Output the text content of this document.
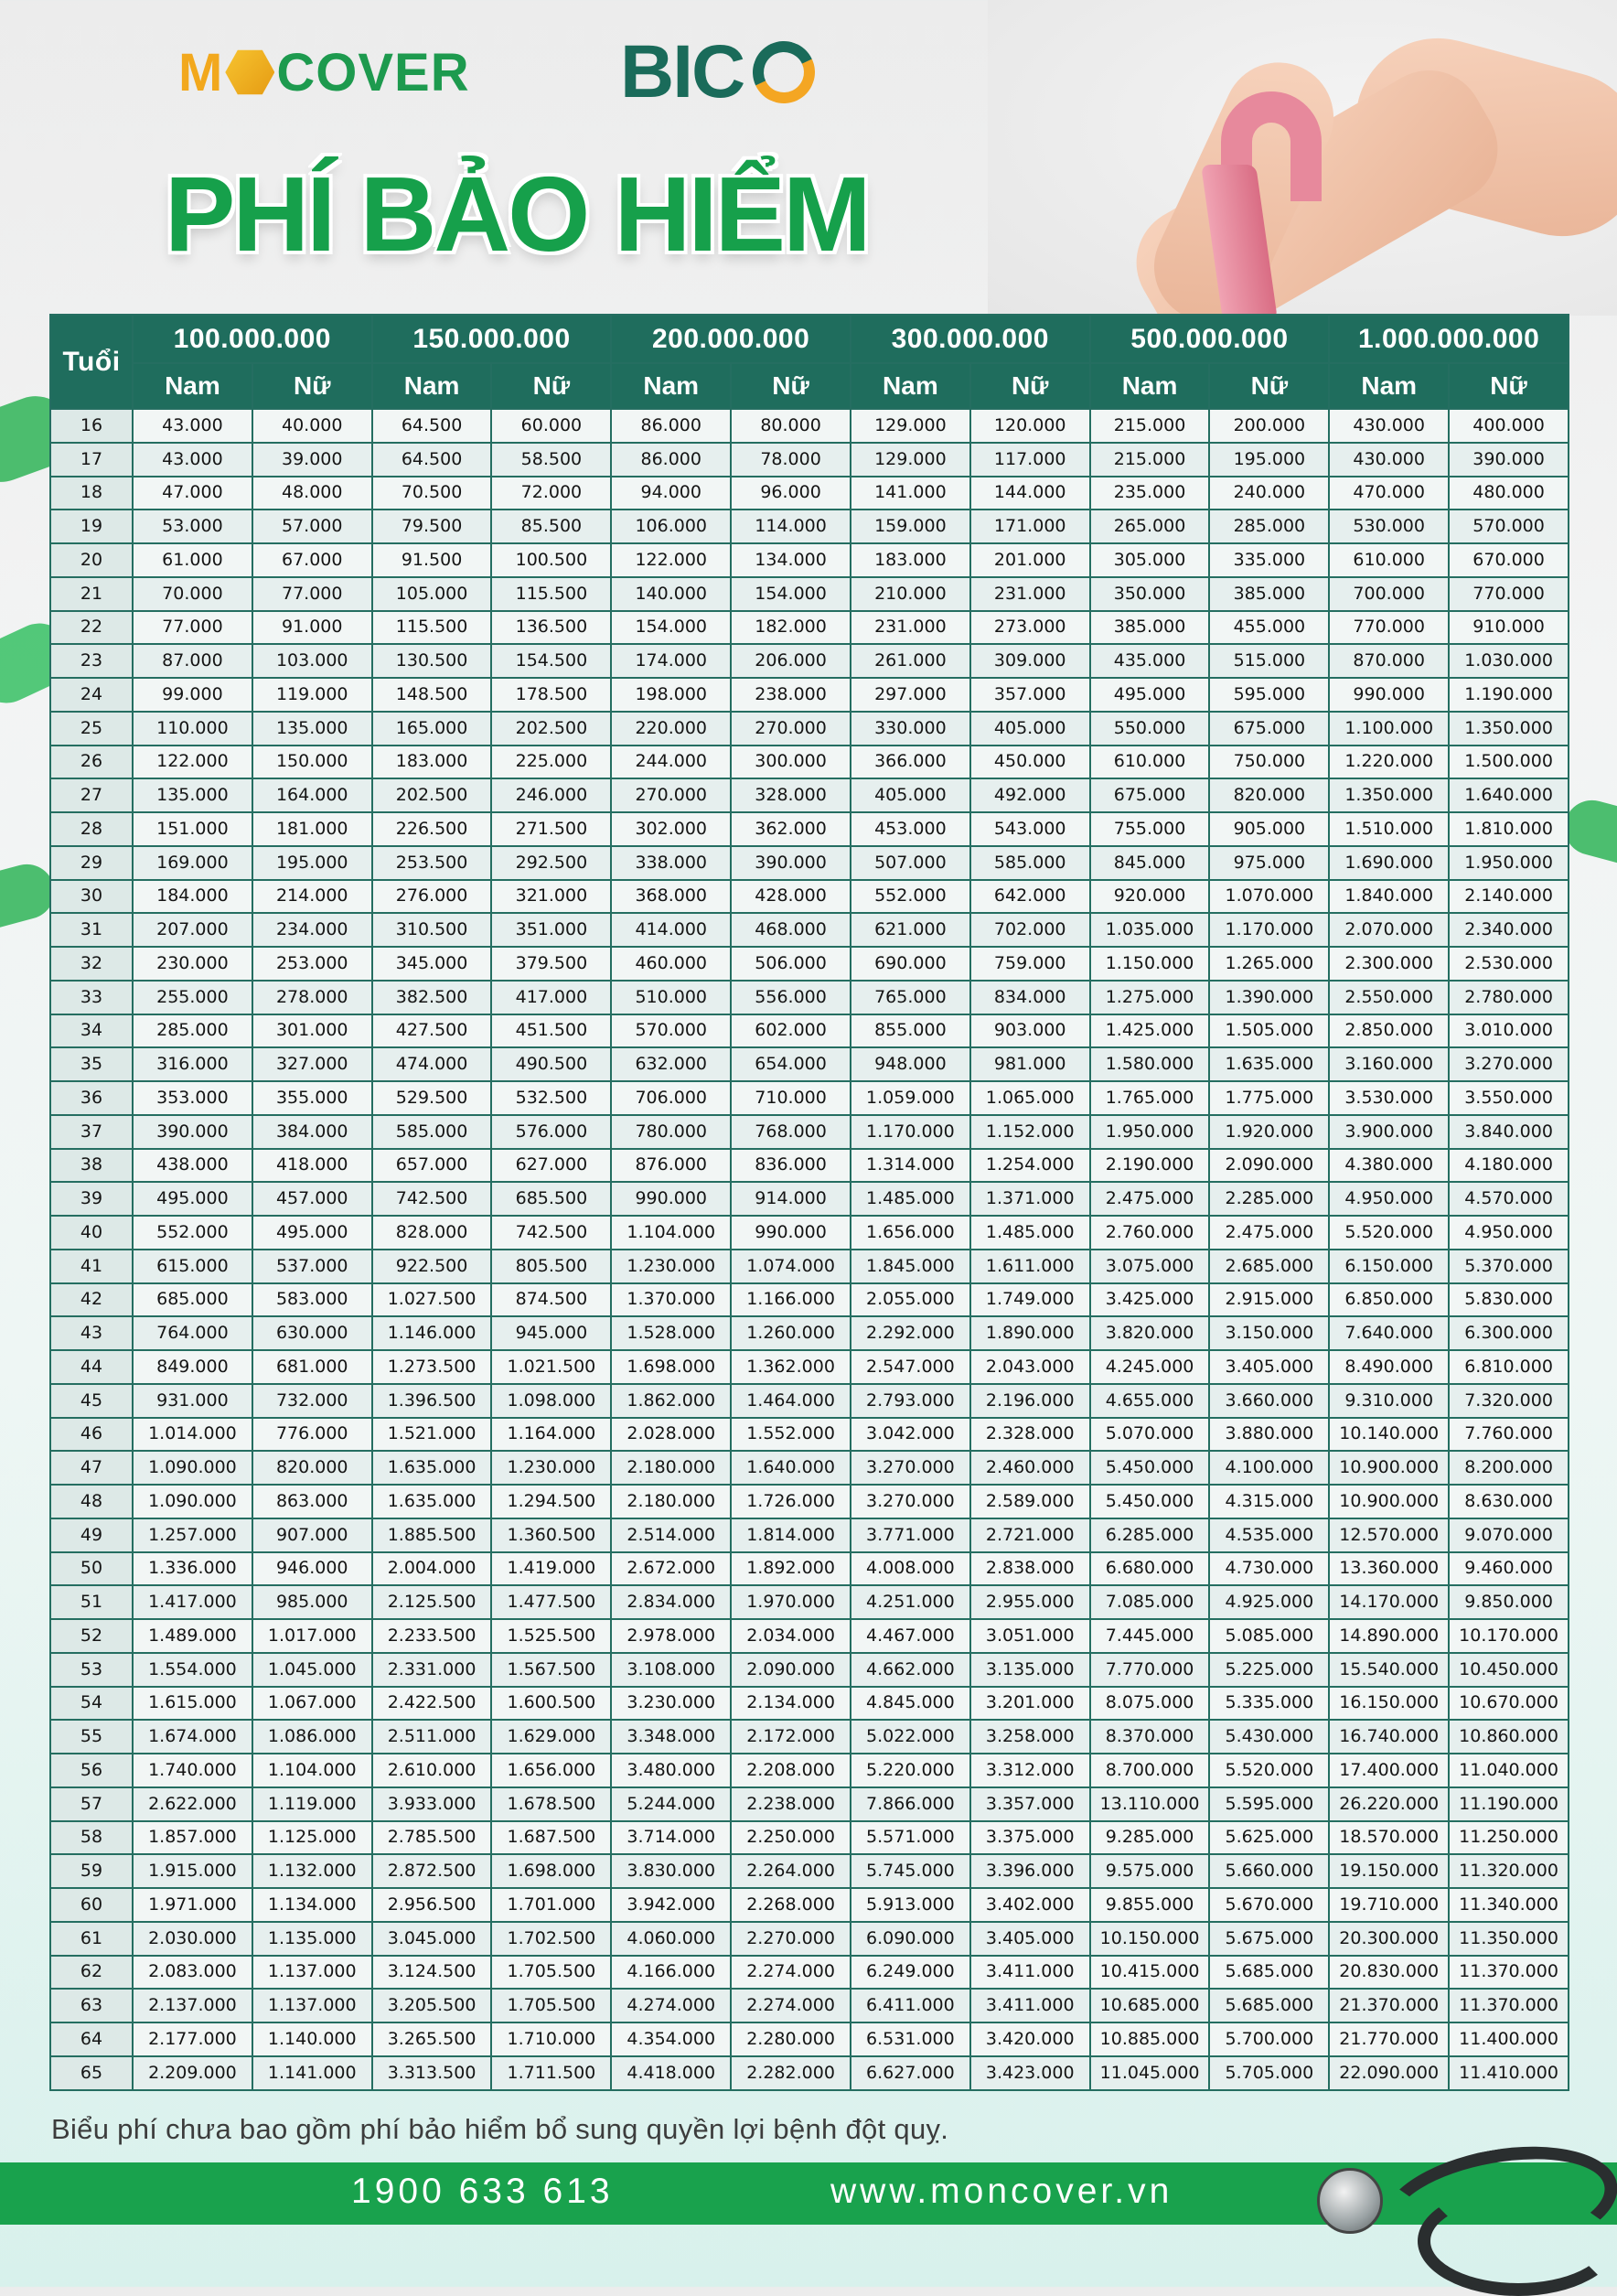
M COVER BIC
PHÍ BẢO HIỂM
Tuổi	100.000.000		150.000.000		200.000.000		300.000.000		500.000.000		1.000.000.000	
	Nam	Nữ	Nam	Nữ	Nam	Nữ	Nam	Nữ	Nam	Nữ	Nam	Nữ
16	43.000	40.000	64.500	60.000	86.000	80.000	129.000	120.000	215.000	200.000	430.000	400.000
17	43.000	39.000	64.500	58.500	86.000	78.000	129.000	117.000	215.000	195.000	430.000	390.000
18	47.000	48.000	70.500	72.000	94.000	96.000	141.000	144.000	235.000	240.000	470.000	480.000
19	53.000	57.000	79.500	85.500	106.000	114.000	159.000	171.000	265.000	285.000	530.000	570.000
20	61.000	67.000	91.500	100.500	122.000	134.000	183.000	201.000	305.000	335.000	610.000	670.000
21	70.000	77.000	105.000	115.500	140.000	154.000	210.000	231.000	350.000	385.000	700.000	770.000
22	77.000	91.000	115.500	136.500	154.000	182.000	231.000	273.000	385.000	455.000	770.000	910.000
23	87.000	103.000	130.500	154.500	174.000	206.000	261.000	309.000	435.000	515.000	870.000	1.030.000
24	99.000	119.000	148.500	178.500	198.000	238.000	297.000	357.000	495.000	595.000	990.000	1.190.000
25	110.000	135.000	165.000	202.500	220.000	270.000	330.000	405.000	550.000	675.000	1.100.000	1.350.000
26	122.000	150.000	183.000	225.000	244.000	300.000	366.000	450.000	610.000	750.000	1.220.000	1.500.000
27	135.000	164.000	202.500	246.000	270.000	328.000	405.000	492.000	675.000	820.000	1.350.000	1.640.000
28	151.000	181.000	226.500	271.500	302.000	362.000	453.000	543.000	755.000	905.000	1.510.000	1.810.000
29	169.000	195.000	253.500	292.500	338.000	390.000	507.000	585.000	845.000	975.000	1.690.000	1.950.000
30	184.000	214.000	276.000	321.000	368.000	428.000	552.000	642.000	920.000	1.070.000	1.840.000	2.140.000
31	207.000	234.000	310.500	351.000	414.000	468.000	621.000	702.000	1.035.000	1.170.000	2.070.000	2.340.000
32	230.000	253.000	345.000	379.500	460.000	506.000	690.000	759.000	1.150.000	1.265.000	2.300.000	2.530.000
33	255.000	278.000	382.500	417.000	510.000	556.000	765.000	834.000	1.275.000	1.390.000	2.550.000	2.780.000
34	285.000	301.000	427.500	451.500	570.000	602.000	855.000	903.000	1.425.000	1.505.000	2.850.000	3.010.000
35	316.000	327.000	474.000	490.500	632.000	654.000	948.000	981.000	1.580.000	1.635.000	3.160.000	3.270.000
36	353.000	355.000	529.500	532.500	706.000	710.000	1.059.000	1.065.000	1.765.000	1.775.000	3.530.000	3.550.000
37	390.000	384.000	585.000	576.000	780.000	768.000	1.170.000	1.152.000	1.950.000	1.920.000	3.900.000	3.840.000
38	438.000	418.000	657.000	627.000	876.000	836.000	1.314.000	1.254.000	2.190.000	2.090.000	4.380.000	4.180.000
39	495.000	457.000	742.500	685.500	990.000	914.000	1.485.000	1.371.000	2.475.000	2.285.000	4.950.000	4.570.000
40	552.000	495.000	828.000	742.500	1.104.000	990.000	1.656.000	1.485.000	2.760.000	2.475.000	5.520.000	4.950.000
41	615.000	537.000	922.500	805.500	1.230.000	1.074.000	1.845.000	1.611.000	3.075.000	2.685.000	6.150.000	5.370.000
42	685.000	583.000	1.027.500	874.500	1.370.000	1.166.000	2.055.000	1.749.000	3.425.000	2.915.000	6.850.000	5.830.000
43	764.000	630.000	1.146.000	945.000	1.528.000	1.260.000	2.292.000	1.890.000	3.820.000	3.150.000	7.640.000	6.300.000
44	849.000	681.000	1.273.500	1.021.500	1.698.000	1.362.000	2.547.000	2.043.000	4.245.000	3.405.000	8.490.000	6.810.000
45	931.000	732.000	1.396.500	1.098.000	1.862.000	1.464.000	2.793.000	2.196.000	4.655.000	3.660.000	9.310.000	7.320.000
46	1.014.000	776.000	1.521.000	1.164.000	2.028.000	1.552.000	3.042.000	2.328.000	5.070.000	3.880.000	10.140.000	7.760.000
47	1.090.000	820.000	1.635.000	1.230.000	2.180.000	1.640.000	3.270.000	2.460.000	5.450.000	4.100.000	10.900.000	8.200.000
48	1.090.000	863.000	1.635.000	1.294.500	2.180.000	1.726.000	3.270.000	2.589.000	5.450.000	4.315.000	10.900.000	8.630.000
49	1.257.000	907.000	1.885.500	1.360.500	2.514.000	1.814.000	3.771.000	2.721.000	6.285.000	4.535.000	12.570.000	9.070.000
50	1.336.000	946.000	2.004.000	1.419.000	2.672.000	1.892.000	4.008.000	2.838.000	6.680.000	4.730.000	13.360.000	9.460.000
51	1.417.000	985.000	2.125.500	1.477.500	2.834.000	1.970.000	4.251.000	2.955.000	7.085.000	4.925.000	14.170.000	9.850.000
52	1.489.000	1.017.000	2.233.500	1.525.500	2.978.000	2.034.000	4.467.000	3.051.000	7.445.000	5.085.000	14.890.000	10.170.000
53	1.554.000	1.045.000	2.331.000	1.567.500	3.108.000	2.090.000	4.662.000	3.135.000	7.770.000	5.225.000	15.540.000	10.450.000
54	1.615.000	1.067.000	2.422.500	1.600.500	3.230.000	2.134.000	4.845.000	3.201.000	8.075.000	5.335.000	16.150.000	10.670.000
55	1.674.000	1.086.000	2.511.000	1.629.000	3.348.000	2.172.000	5.022.000	3.258.000	8.370.000	5.430.000	16.740.000	10.860.000
56	1.740.000	1.104.000	2.610.000	1.656.000	3.480.000	2.208.000	5.220.000	3.312.000	8.700.000	5.520.000	17.400.000	11.040.000
57	2.622.000	1.119.000	3.933.000	1.678.500	5.244.000	2.238.000	7.866.000	3.357.000	13.110.000	5.595.000	26.220.000	11.190.000
58	1.857.000	1.125.000	2.785.500	1.687.500	3.714.000	2.250.000	5.571.000	3.375.000	9.285.000	5.625.000	18.570.000	11.250.000
59	1.915.000	1.132.000	2.872.500	1.698.000	3.830.000	2.264.000	5.745.000	3.396.000	9.575.000	5.660.000	19.150.000	11.320.000
60	1.971.000	1.134.000	2.956.500	1.701.000	3.942.000	2.268.000	5.913.000	3.402.000	9.855.000	5.670.000	19.710.000	11.340.000
61	2.030.000	1.135.000	3.045.000	1.702.500	4.060.000	2.270.000	6.090.000	3.405.000	10.150.000	5.675.000	20.300.000	11.350.000
62	2.083.000	1.137.000	3.124.500	1.705.500	4.166.000	2.274.000	6.249.000	3.411.000	10.415.000	5.685.000	20.830.000	11.370.000
63	2.137.000	1.137.000	3.205.500	1.705.500	4.274.000	2.274.000	6.411.000	3.411.000	10.685.000	5.685.000	21.370.000	11.370.000
64	2.177.000	1.140.000	3.265.500	1.710.000	4.354.000	2.280.000	6.531.000	3.420.000	10.885.000	5.700.000	21.770.000	11.400.000
65	2.209.000	1.141.000	3.313.500	1.711.500	4.418.000	2.282.000	6.627.000	3.423.000	11.045.000	5.705.000	22.090.000	11.410.000
Biểu phí chưa bao gồm phí bảo hiểm bổ sung quyền lợi bệnh đột quỵ.
1900 633 613	www.moncover.vn
